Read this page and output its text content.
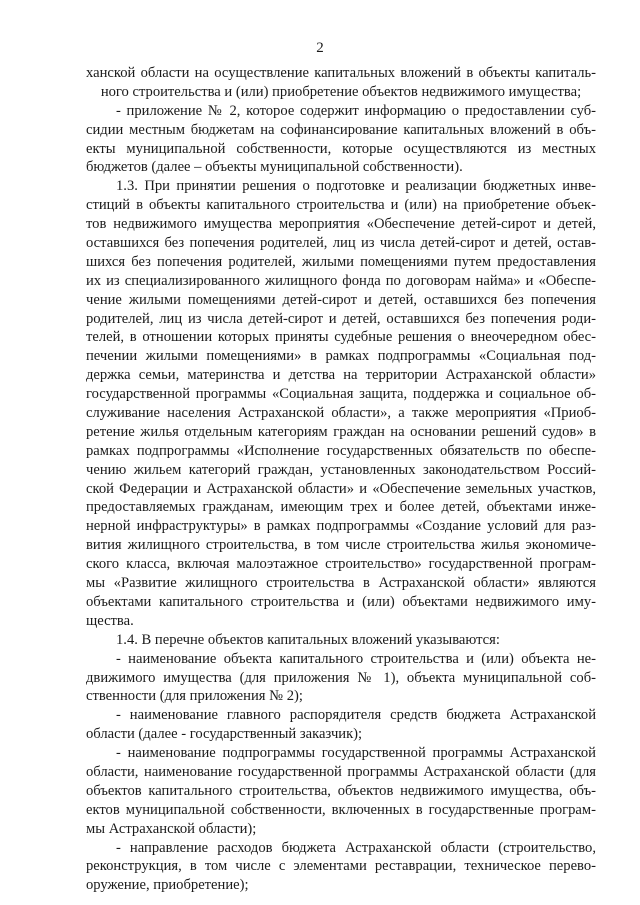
2
ханской области на осуществление капитальных вложений в объекты капиталь-
ного строительства и (или) приобретение объектов недвижимого имущества;
- приложение № 2, которое содержит информацию о предоставлении суб-
сидии местным бюджетам на софинансирование капитальных вложений в объ-
екты муниципальной собственности, которые осуществляются из местных
бюджетов (далее – объекты муниципальной собственности).
1.3. При принятии решения о подготовке и реализации бюджетных инве-
стиций в объекты капитального строительства и (или) на приобретение объек-
тов недвижимого имущества мероприятия «Обеспечение детей-сирот и детей,
оставшихся без попечения родителей, лиц из числа детей-сирот и детей, остав-
шихся без попечения родителей, жилыми помещениями путем предоставления
их из специализированного жилищного фонда по договорам найма» и «Обеспе-
чение жилыми помещениями детей-сирот и детей, оставшихся без попечения
родителей, лиц из числа детей-сирот и детей, оставшихся без попечения роди-
телей, в отношении которых приняты судебные решения о внеочередном обес-
печении жилыми помещениями» в рамках подпрограммы «Социальная под-
держка семьи, материнства и детства на территории Астраханской области»
государственной программы «Социальная защита, поддержка и социальное об-
служивание населения Астраханской области», а также мероприятия «Приоб-
ретение жилья отдельным категориям граждан на основании решений судов» в
рамках подпрограммы «Исполнение государственных обязательств по обеспе-
чению жильем категорий граждан, установленных законодательством Россий-
ской Федерации и Астраханской области» и «Обеспечение земельных участков,
предоставляемых гражданам, имеющим трех и более детей, объектами инже-
нерной инфраструктуры» в рамках подпрограммы «Создание условий для раз-
вития жилищного строительства, в том числе строительства жилья экономиче-
ского класса, включая малоэтажное строительство» государственной програм-
мы «Развитие жилищного строительства в Астраханской области» являются
объектами капитального строительства и (или) объектами недвижимого иму-
щества.
1.4. В перечне объектов капитальных вложений указываются:
- наименование объекта капитального строительства и (или) объекта не-
движимого имущества (для приложения № 1), объекта муниципальной соб-
ственности (для приложения № 2);
- наименование главного распорядителя средств бюджета Астраханской
области (далее - государственный заказчик);
- наименование подпрограммы государственной программы Астраханской
области, наименование государственной программы Астраханской области (для
объектов капитального строительства, объектов недвижимого имущества, объ-
ектов муниципальной собственности, включенных в государственные програм-
мы Астраханской области);
- направление расходов бюджета Астраханской области (строительство,
реконструкция, в том числе с элементами реставрации, техническое перево-
оружение, приобретение);
